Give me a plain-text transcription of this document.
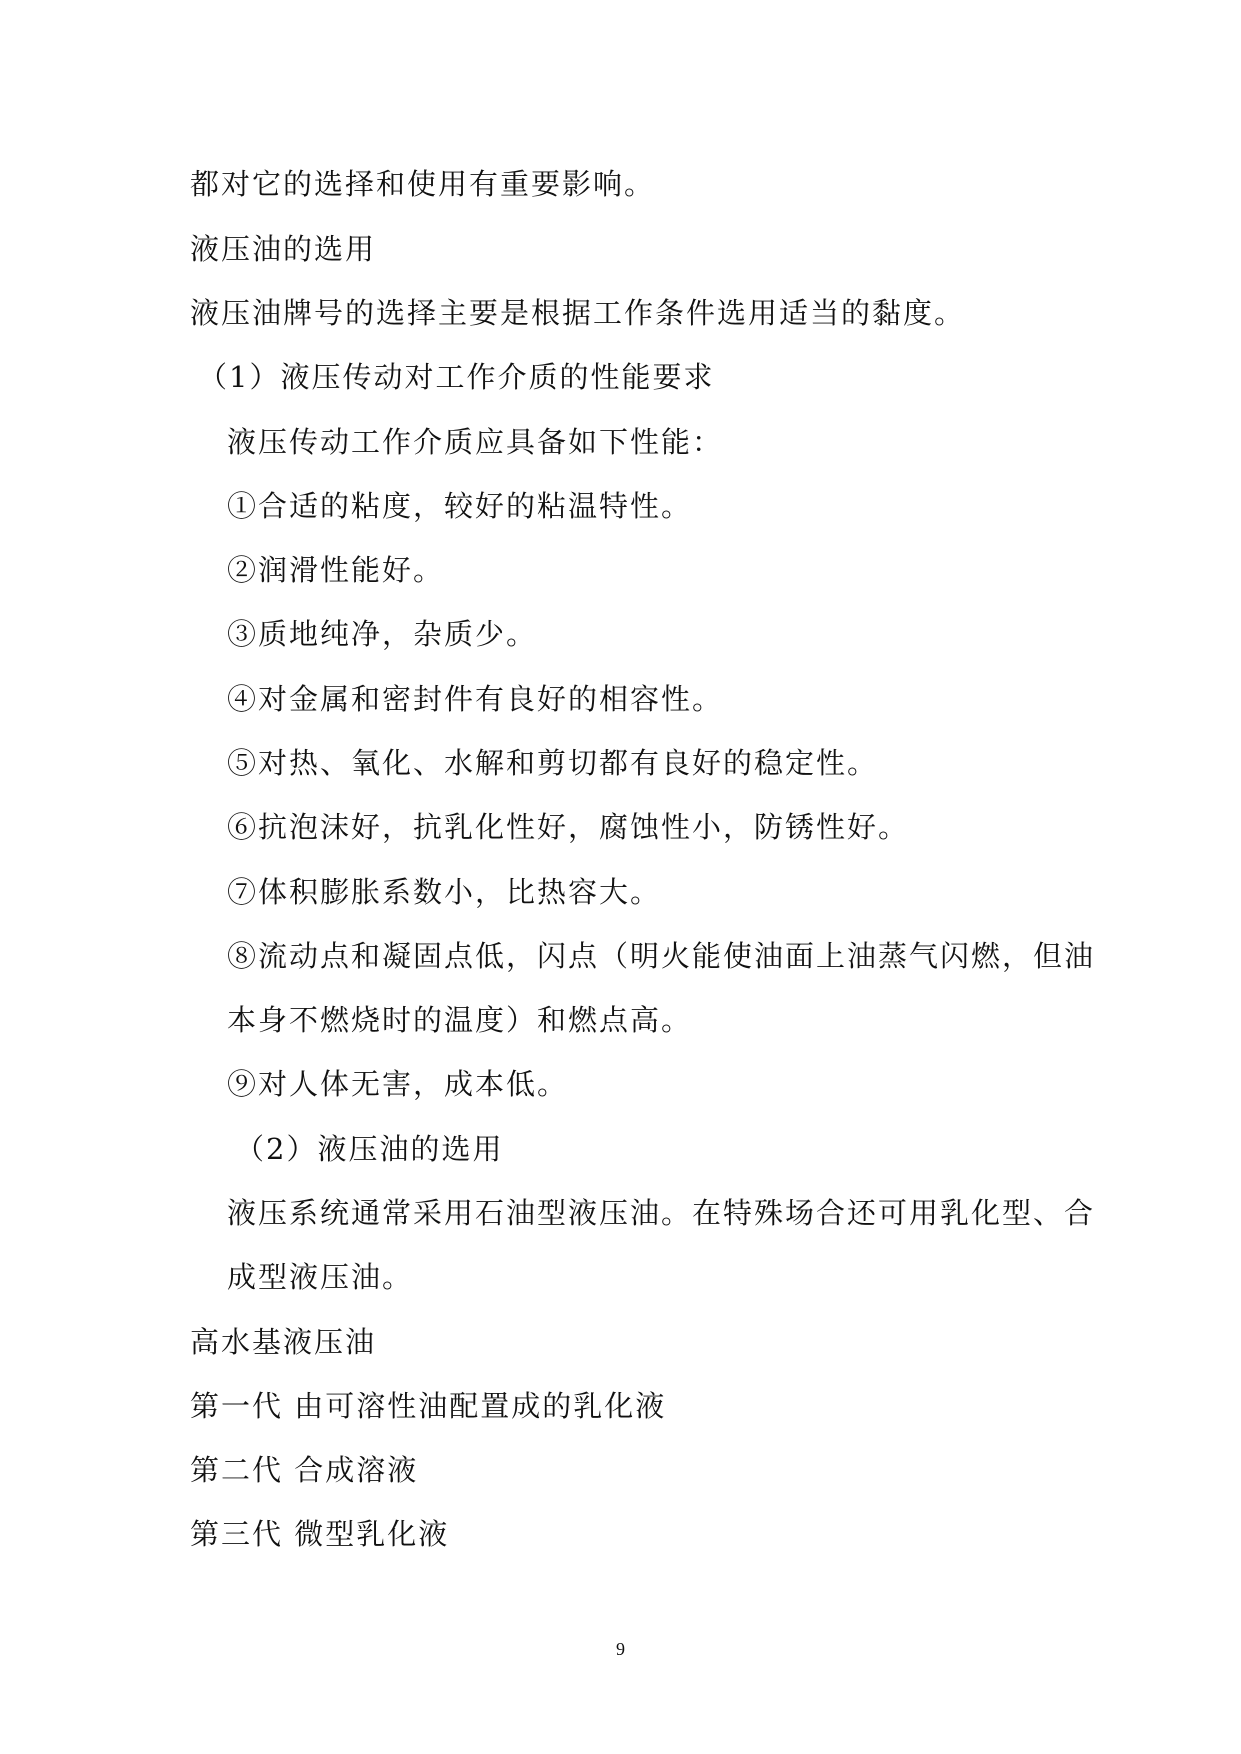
都对它的选择和使用有重要影响。
液压油的选用
液压油牌号的选择主要是根据工作条件选用适当的黏度。
（1）液压传动对工作介质的性能要求
液压传动工作介质应具备如下性能：
①合适的粘度，较好的粘温特性。
②润滑性能好。
③质地纯净，杂质少。
④对金属和密封件有良好的相容性。
⑤对热、氧化、水解和剪切都有良好的稳定性。
⑥抗泡沫好，抗乳化性好，腐蚀性小，防锈性好。
⑦体积膨胀系数小，比热容大。
⑧流动点和凝固点低，闪点（明火能使油面上油蒸气闪燃，但油
本身不燃烧时的温度）和燃点高。
⑨对人体无害，成本低。
（2）液压油的选用
液压系统通常采用石油型液压油。在特殊场合还可用乳化型、合
成型液压油。
高水基液压油
第一代 由可溶性油配置成的乳化液
第二代 合成溶液
第三代 微型乳化液
9
